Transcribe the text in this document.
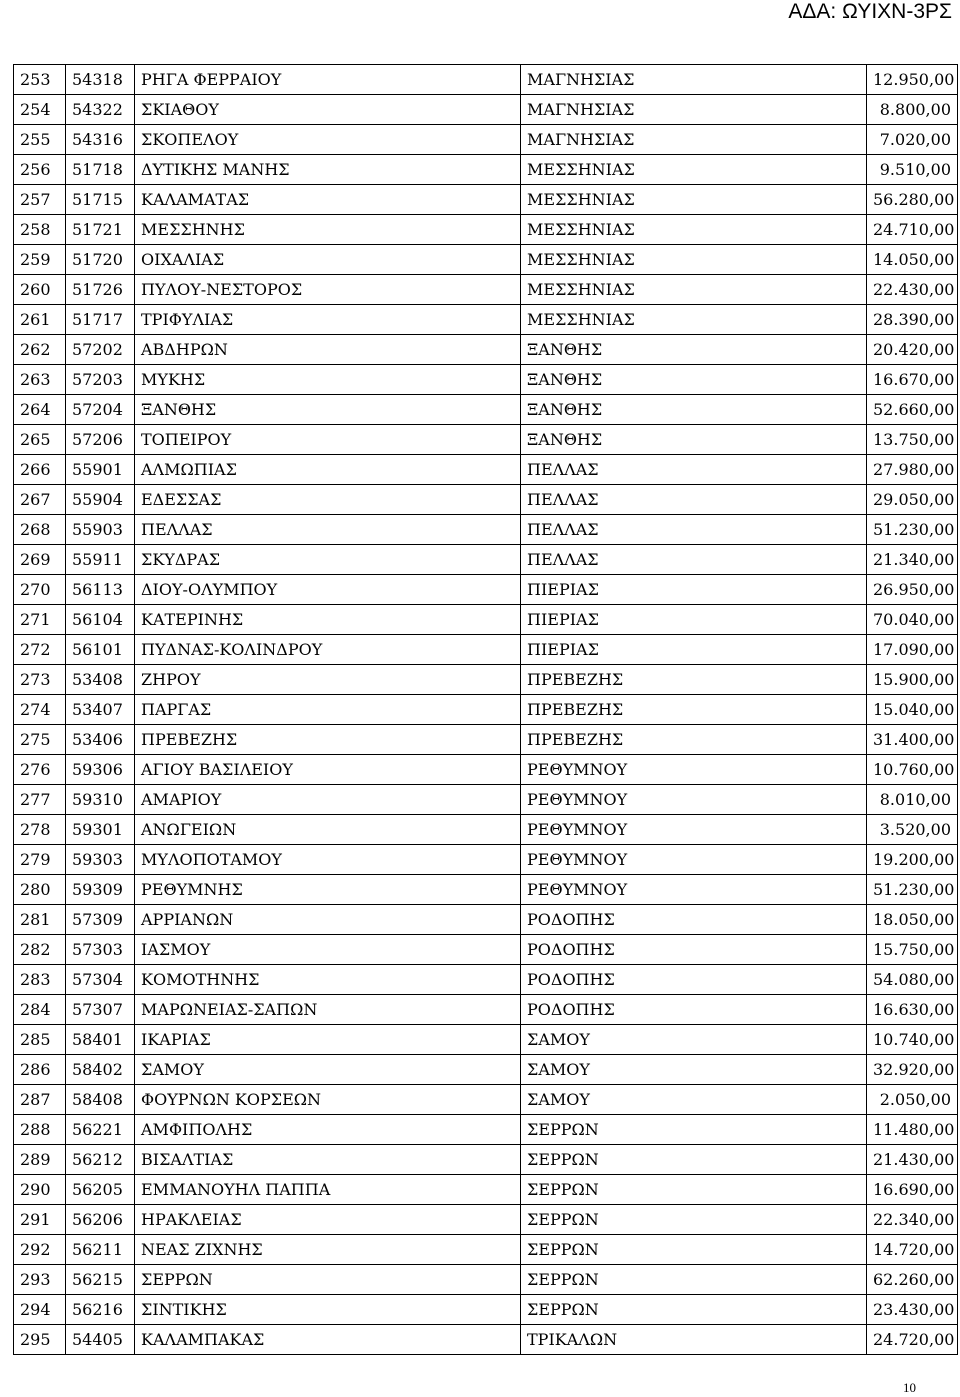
ΑΔΑ: ΩΥΙΧΝ-3ΡΣ
253	54318	ΡΗΓΑ ΦΕΡΡΑΙΟΥ	ΜΑΓΝΗΣΙΑΣ	12.950,00
254	54322	ΣΚΙΑΘΟΥ	ΜΑΓΝΗΣΙΑΣ	8.800,00
255	54316	ΣΚΟΠΕΛΟΥ	ΜΑΓΝΗΣΙΑΣ	7.020,00
256	51718	ΔΥΤΙΚΗΣ ΜΑΝΗΣ	ΜΕΣΣΗΝΙΑΣ	9.510,00
257	51715	ΚΑΛΑΜΑΤΑΣ	ΜΕΣΣΗΝΙΑΣ	56.280,00
258	51721	ΜΕΣΣΗΝΗΣ	ΜΕΣΣΗΝΙΑΣ	24.710,00
259	51720	ΟΙΧΑΛΙΑΣ	ΜΕΣΣΗΝΙΑΣ	14.050,00
260	51726	ΠΥΛΟΥ-ΝΕΣΤΟΡΟΣ	ΜΕΣΣΗΝΙΑΣ	22.430,00
261	51717	ΤΡΙΦΥΛΙΑΣ	ΜΕΣΣΗΝΙΑΣ	28.390,00
262	57202	ΑΒΔΗΡΩΝ	ΞΑΝΘΗΣ	20.420,00
263	57203	ΜΥΚΗΣ	ΞΑΝΘΗΣ	16.670,00
264	57204	ΞΑΝΘΗΣ	ΞΑΝΘΗΣ	52.660,00
265	57206	ΤΟΠΕΙΡΟΥ	ΞΑΝΘΗΣ	13.750,00
266	55901	ΑΛΜΩΠΙΑΣ	ΠΕΛΛΑΣ	27.980,00
267	55904	ΕΔΕΣΣΑΣ	ΠΕΛΛΑΣ	29.050,00
268	55903	ΠΕΛΛΑΣ	ΠΕΛΛΑΣ	51.230,00
269	55911	ΣΚΥΔΡΑΣ	ΠΕΛΛΑΣ	21.340,00
270	56113	ΔΙΟΥ-ΟΛΥΜΠΟΥ	ΠΙΕΡΙΑΣ	26.950,00
271	56104	ΚΑΤΕΡΙΝΗΣ	ΠΙΕΡΙΑΣ	70.040,00
272	56101	ΠΥΔΝΑΣ-ΚΟΛΙΝΔΡΟΥ	ΠΙΕΡΙΑΣ	17.090,00
273	53408	ΖΗΡΟΥ	ΠΡΕΒΕΖΗΣ	15.900,00
274	53407	ΠΑΡΓΑΣ	ΠΡΕΒΕΖΗΣ	15.040,00
275	53406	ΠΡΕΒΕΖΗΣ	ΠΡΕΒΕΖΗΣ	31.400,00
276	59306	ΑΓΙΟΥ ΒΑΣΙΛΕΙΟΥ	ΡΕΘΥΜΝΟΥ	10.760,00
277	59310	ΑΜΑΡΙΟΥ	ΡΕΘΥΜΝΟΥ	8.010,00
278	59301	ΑΝΩΓΕΙΩΝ	ΡΕΘΥΜΝΟΥ	3.520,00
279	59303	ΜΥΛΟΠΟΤΑΜΟΥ	ΡΕΘΥΜΝΟΥ	19.200,00
280	59309	ΡΕΘΥΜΝΗΣ	ΡΕΘΥΜΝΟΥ	51.230,00
281	57309	ΑΡΡΙΑΝΩΝ	ΡΟΔΟΠΗΣ	18.050,00
282	57303	ΙΑΣΜΟΥ	ΡΟΔΟΠΗΣ	15.750,00
283	57304	ΚΟΜΟΤΗΝΗΣ	ΡΟΔΟΠΗΣ	54.080,00
284	57307	ΜΑΡΩΝΕΙΑΣ-ΣΑΠΩΝ	ΡΟΔΟΠΗΣ	16.630,00
285	58401	ΙΚΑΡΙΑΣ	ΣΑΜΟΥ	10.740,00
286	58402	ΣΑΜΟΥ	ΣΑΜΟΥ	32.920,00
287	58408	ΦΟΥΡΝΩΝ ΚΟΡΣΕΩΝ	ΣΑΜΟΥ	2.050,00
288	56221	ΑΜΦΙΠΟΛΗΣ	ΣΕΡΡΩΝ	11.480,00
289	56212	ΒΙΣΑΛΤΙΑΣ	ΣΕΡΡΩΝ	21.430,00
290	56205	ΕΜΜΑΝΟΥΗΛ ΠΑΠΠΑ	ΣΕΡΡΩΝ	16.690,00
291	56206	ΗΡΑΚΛΕΙΑΣ	ΣΕΡΡΩΝ	22.340,00
292	56211	ΝΕΑΣ ΖΙΧΝΗΣ	ΣΕΡΡΩΝ	14.720,00
293	56215	ΣΕΡΡΩΝ	ΣΕΡΡΩΝ	62.260,00
294	56216	ΣΙΝΤΙΚΗΣ	ΣΕΡΡΩΝ	23.430,00
295	54405	ΚΑΛΑΜΠΑΚΑΣ	ΤΡΙΚΑΛΩΝ	24.720,00
10
